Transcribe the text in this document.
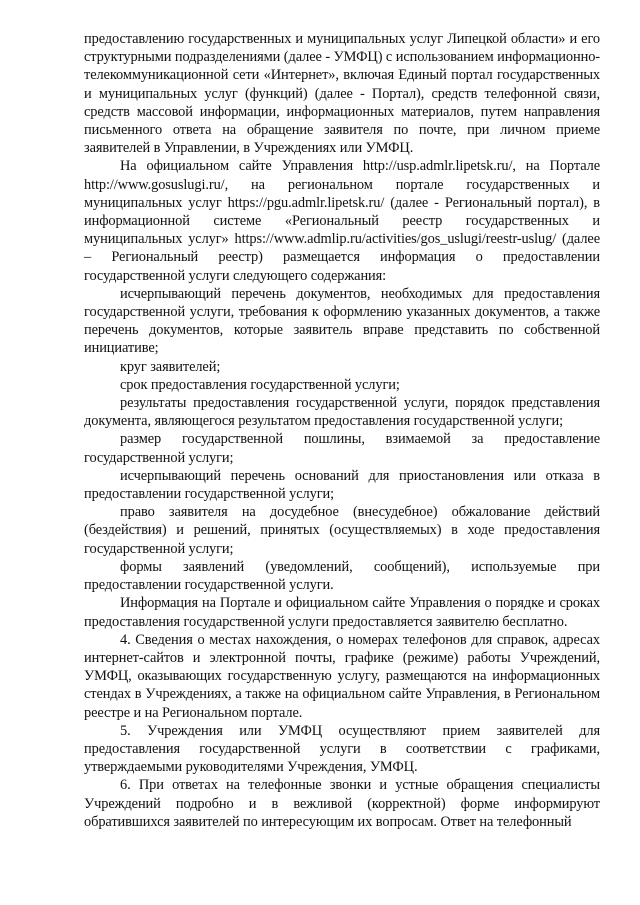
предоставлению государственных и муниципальных услуг Липецкой области» и его структурными подразделениями (далее - УМФЦ) с использованием информационно-телекоммуникационной сети «Интернет», включая Единый портал государственных и муниципальных услуг (функций) (далее - Портал), средств телефонной связи, средств массовой информации, информационных материалов, путем направления письменного ответа на обращение заявителя по почте, при личном приеме заявителей в Управлении, в Учреждениях или УМФЦ.

На официальном сайте Управления http://usp.admlr.lipetsk.ru/, на Портале http://www.gosuslugi.ru/, на региональном портале государственных и муниципальных услуг https://pgu.admlr.lipetsk.ru/ (далее - Региональный портал), в информационной системе «Региональный реестр государственных и муниципальных услуг» https://www.admlip.ru/activities/gos_uslugi/reestr-uslug/ (далее – Региональный реестр) размещается информация о предоставлении государственной услуги следующего содержания:

исчерпывающий перечень документов, необходимых для предоставления государственной услуги, требования к оформлению указанных документов, а также перечень документов, которые заявитель вправе представить по собственной инициативе;

круг заявителей;

срок предоставления государственной услуги;

результаты предоставления государственной услуги, порядок представления документа, являющегося результатом предоставления государственной услуги;

размер государственной пошлины, взимаемой за предоставление государственной услуги;

исчерпывающий перечень оснований для приостановления или отказа в предоставлении государственной услуги;

право заявителя на досудебное (внесудебное) обжалование действий (бездействия) и решений, принятых (осуществляемых) в ходе предоставления государственной услуги;

формы заявлений (уведомлений, сообщений), используемые при предоставлении государственной услуги.

Информация на Портале и официальном сайте Управления о порядке и сроках предоставления государственной услуги предоставляется заявителю бесплатно.

4. Сведения о местах нахождения, о номерах телефонов для справок, адресах интернет-сайтов и электронной почты, графике (режиме) работы Учреждений, УМФЦ, оказывающих государственную услугу, размещаются на информационных стендах в Учреждениях, а также на официальном сайте Управления, в Региональном реестре и на Региональном портале.

5. Учреждения или УМФЦ осуществляют прием заявителей для предоставления государственной услуги в соответствии с графиками, утверждаемыми руководителями Учреждения, УМФЦ.

6. При ответах на телефонные звонки и устные обращения специалисты Учреждений подробно и в вежливой (корректной) форме информируют обратившихся заявителей по интересующим их вопросам. Ответ на телефонный
